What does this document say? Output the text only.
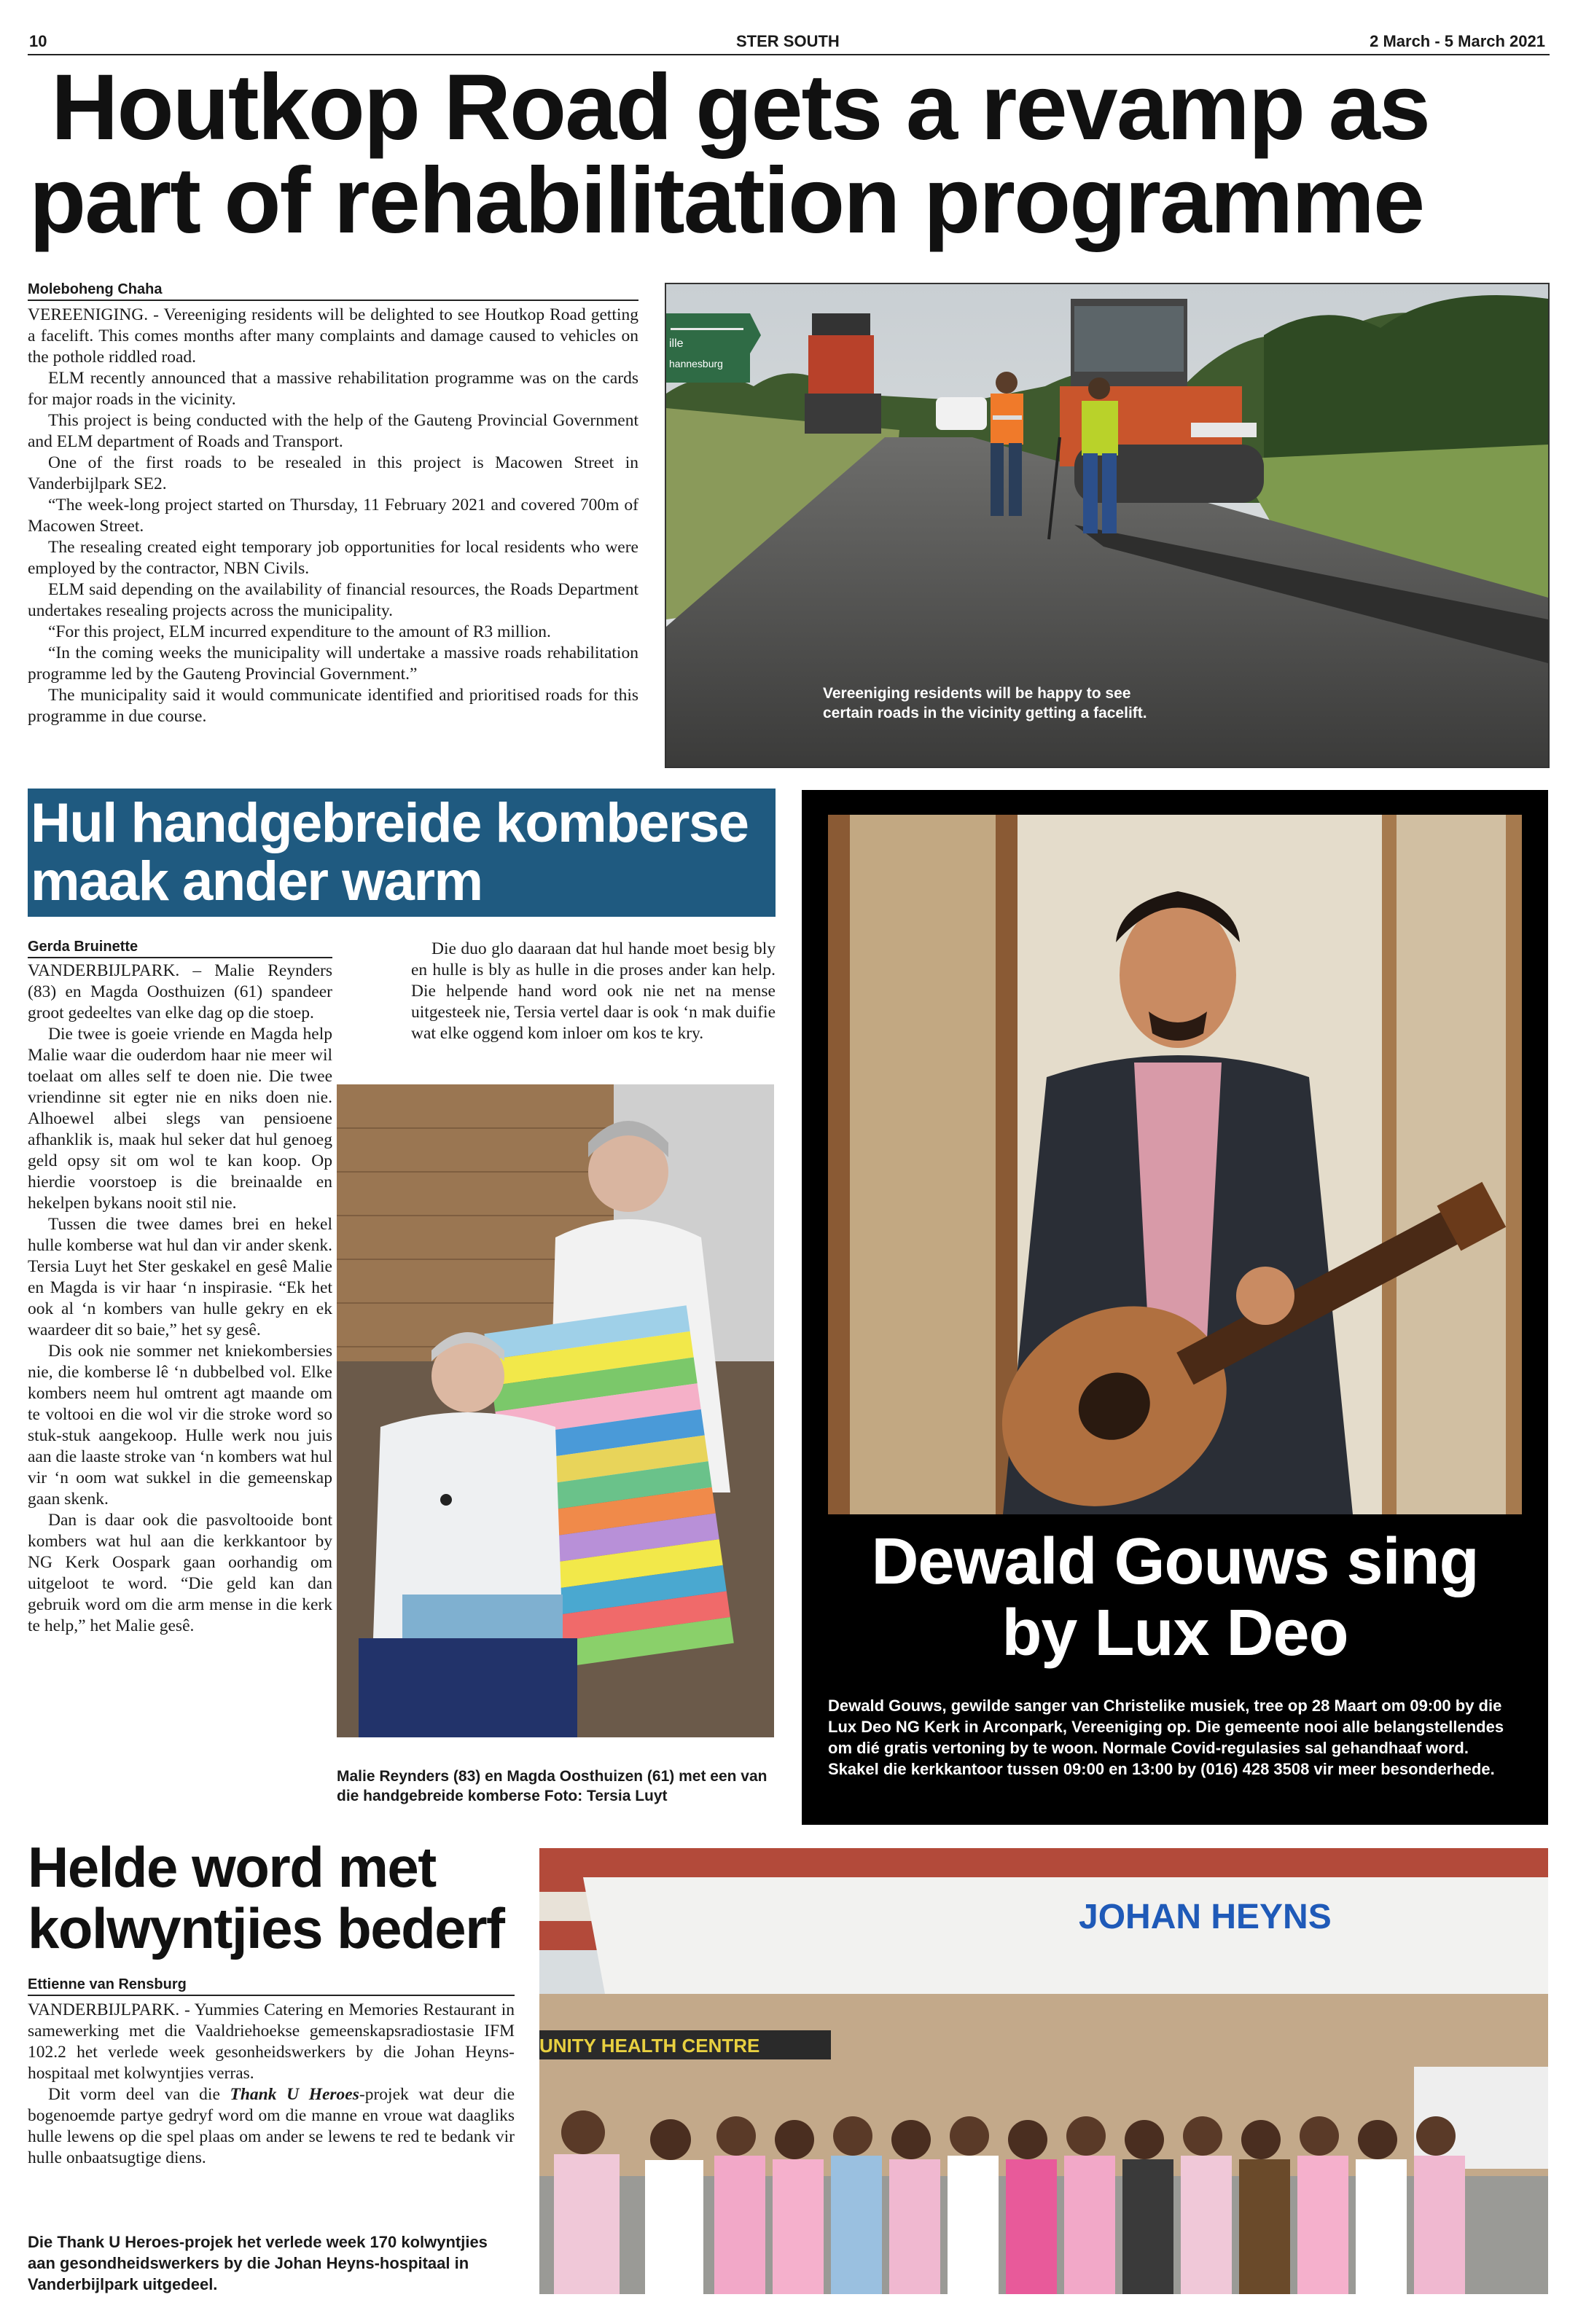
10	STER SOUTH	2 March - 5 March 2021
Houtkop Road gets a revamp as
part of rehabilitation programme
Moleboheng Chaha

VEREENIGING. - Vereeniging residents will be delighted to see Houtkop Road getting a facelift. This comes months after many complaints and damage caused to vehicles on the pothole riddled road.

ELM recently announced that a massive rehabilitation programme was on the cards for major roads in the vicinity.

This project is being conducted with the help of the Gauteng Provincial Government and ELM department of Roads and Transport.

One of the first roads to be resealed in this project is Macowen Street in Vanderbijlpark SE2.

“The week-long project started on Thursday, 11 February 2021 and covered 700m of Macowen Street.

The resealing created eight temporary job opportunities for local residents who were employed by the contractor, NBN Civils.

ELM said depending on the availability of financial resources, the Roads Department undertakes resealing projects across the municipality.

“For this project, ELM incurred expenditure to the amount of R3 million.

“In the coming weeks the municipality will undertake a massive roads rehabilitation programme led by the Gauteng Provincial Government.”

The municipality said it would communicate identified and prioritised roads for this programme in due course.

ille
hannesburg
Vereeniging residents will be happy to see
certain roads in the vicinity getting a facelift.
Hul handgebreide komberse
maak ander warm
Gerda Bruinette

VANDERBIJLPARK. – Malie Reynders (83) en Magda Oosthuizen (61) spandeer groot gedeeltes van elke dag op die stoep.

Die twee is goeie vriende en Magda help Malie waar die ouderdom haar nie meer wil toelaat om alles self te doen nie. Die twee vriendinne sit egter nie en niks doen nie. Alhoewel albei slegs van pensioene afhanklik is, maak hul seker dat hul genoeg geld opsy sit om wol te kan koop. Op hierdie voorstoep is die breinaalde en hekelpen bykans nooit stil nie.

Tussen die twee dames brei en hekel hulle komberse wat hul dan vir ander skenk. Tersia Luyt het Ster geskakel en gesê Malie en Magda is vir haar ‘n inspirasie. “Ek het ook al ‘n kombers van hulle gekry en ek waardeer dit so baie,” het sy gesê.

Dis ook nie sommer net kniekombersies nie, die komberse lê ‘n dubbelbed vol. Elke kombers neem hul omtrent agt maande om te voltooi en die wol vir die stroke word so stuk-stuk aangekoop. Hulle werk nou juis aan die laaste stroke van ‘n kombers wat hul vir ‘n oom wat sukkel in die gemeenskap gaan skenk.

Dan is daar ook die pasvoltooide bont kombers wat hul aan die kerkkantoor by NG Kerk Oospark gaan oorhandig om uitgeloot te word. “Die geld kan dan gebruik word om die arm mense in die kerk te help,” het Malie gesê.

Die duo glo daaraan dat hul hande moet besig bly en hulle is bly as hulle in die proses ander kan help. Die helpende hand word ook nie net na mense uitgesteek nie, Tersia vertel daar is ook ‘n mak duifie wat elke oggend kom inloer om kos te kry.

Malie Reynders (83) en Magda Oosthuizen (61) met een van die handgebreide komberse Foto: Tersia Luyt
Dewald Gouws sing
by Lux Deo
Dewald Gouws, gewilde sanger van Christelike musiek, tree op 28 Maart om 09:00 by die Lux Deo NG Kerk in Arconpark, Vereeniging op. Die gemeente nooi alle belangstellendes om dié gratis vertoning by te woon. Normale Covid-regulasies sal gehandhaaf word. Skakel die kerkkantoor tussen 09:00 en 13:00 by (016) 428 3508 vir meer besonderhede.
Helde word met
kolwyntjies bederf
Ettienne van Rensburg

VANDERBIJLPARK. - Yummies Catering en Memories Restaurant in samewerking met die Vaaldriehoekse gemeenskapsradiostasie IFM 102.2 het verlede week gesonheidswerkers by die Johan Heyns-hospitaal met kolwyntjies verras.

Dit vorm deel van die Thank U Heroes-projek wat deur die bogenoemde partye gedryf word om die manne en vroue wat daagliks hulle lewens op die spel plaas om ander se lewens te red te bedank vir hulle onbaatsugtige diens.

Die Thank U Heroes-projek het verlede week 170 kolwyntjies aan gesondheidswerkers by die Johan Heyns-hospitaal in Vanderbijlpark uitgedeel.
JOHAN HEYNS
UNITY HEALTH CENTRE
